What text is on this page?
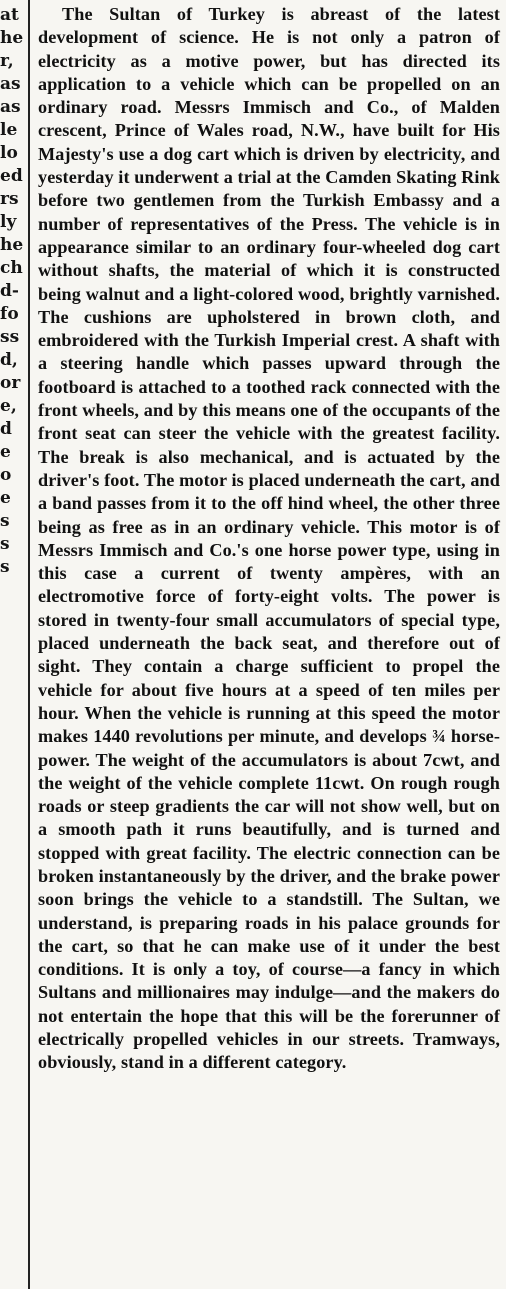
at
he
r,
as
as
le
lo
ed
rs
ly
he
ch
d-
fo
ss
d,
or
e,
d
e
o
e
s
s
s

The Sultan of Turkey is abreast of the latest development of science. He is not only a patron of electricity as a motive power, but has directed its application to a vehicle which can be propelled on an ordinary road. Messrs Immisch and Co., of Malden crescent, Prince of Wales road, N.W., have built for His Majesty's use a dog cart which is driven by electricity, and yesterday it underwent a trial at the Camden Skating Rink before two gentlemen from the Turkish Embassy and a number of representatives of the Press. The vehicle is in appearance similar to an ordinary four-wheeled dog cart without shafts, the material of which it is constructed being walnut and a light-colored wood, brightly varnished. The cushions are upholstered in brown cloth, and embroidered with the Turkish Imperial crest. A shaft with a steering handle which passes upward through the footboard is attached to a toothed rack connected with the front wheels, and by this means one of the occupants of the front seat can steer the vehicle with the greatest facility. The break is also mechanical, and is actuated by the driver's foot. The motor is placed underneath the cart, and a band passes from it to the off hind wheel, the other three being as free as in an ordinary vehicle. This motor is of Messrs Immisch and Co.'s one horse power type, using in this case a current of twenty ampères, with an electromotive force of forty-eight volts. The power is stored in twenty-four small accumulators of special type, placed underneath the back seat, and therefore out of sight. They contain a charge sufficient to propel the vehicle for about five hours at a speed of ten miles per hour. When the vehicle is running at this speed the motor makes 1440 revolutions per minute, and develops ¾ horse-power. The weight of the accumulators is about 7cwt, and the weight of the vehicle complete 11cwt. On rough rough roads or steep gradients the car will not show well, but on a smooth path it runs beautifully, and is turned and stopped with great facility. The electric connection can be broken instantaneously by the driver, and the brake power soon brings the vehicle to a standstill. The Sultan, we understand, is preparing roads in his palace grounds for the cart, so that he can make use of it under the best conditions. It is only a toy, of course—a fancy in which Sultans and millionaires may indulge—and the makers do not entertain the hope that this will be the forerunner of electrically propelled vehicles in our streets. Tramways, obviously, stand in a different category.
